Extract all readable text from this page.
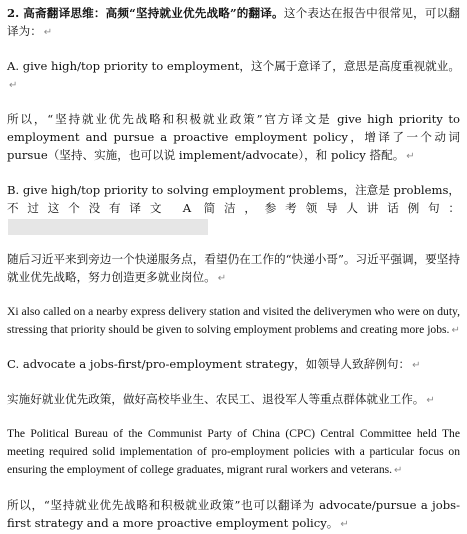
2. 高斋翻译思维：高频“坚持就业优先战略”的翻译。这个表达在报告中很常见，可以翻译为： ↵

A. give high/top priority to employment，这个属于意译了，意思是高度重视就业。↵

所以，“坚持就业优先战略和积极就业政策”官方译文是 give high priority to employment and pursue a proactive employment policy，增译了一个动词 pursue（坚持、实施，也可以说 implement/advocate），和 policy 搭配。 ↵

B. give high/top priority to solving employment problems，注意是 problems，不过这个没有译文 A 简洁，参考领导人讲话例句：

随后习近平来到旁边一个快递服务点，看望仍在工作的“快递小哥”。习近平强调，要坚持就业优先战略，努力创造更多就业岗位。 ↵

Xi also called on a nearby express delivery station and visited the deliverymen who were on duty, stressing that priority should be given to solving employment problems and creating more jobs. ↵

C. advocate a jobs-first/pro-employment strategy，如领导人致辞例句： ↵

实施好就业优先政策，做好高校毕业生、农民工、退役军人等重点群体就业工作。 ↵

The Political Bureau of the Communist Party of China (CPC) Central Committee held The meeting required solid implementation of pro-employment policies with a particular focus on ensuring the employment of college graduates, migrant rural workers and veterans. ↵

所以，“坚持就业优先战略和积极就业政策”也可以翻译为 advocate/pursue a jobs-first strategy and a more proactive employment policy。 ↵
